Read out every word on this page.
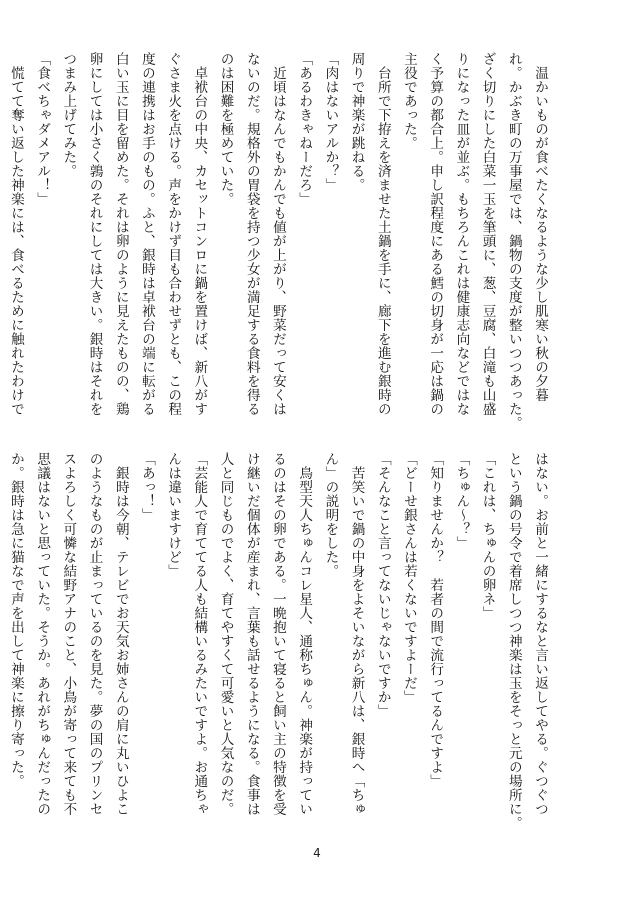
　温かいものが食べたくなるような少し肌寒い秋の夕暮

れ。かぶき町の万事屋では、鍋物の支度が整いつつあった。

ざく切りにした白菜一玉を筆頭に、葱、豆腐、白滝も山盛

りになった皿が並ぶ。もちろんこれは健康志向などではな

く予算の都合上。申し訳程度にある鱈の切身が一応は鍋の

主役であった。

　台所で下拵えを済ませた土鍋を手に、廊下を進む銀時の

周りで神楽が跳ねる。

「肉はないアルか？」

「あるわきゃねーだろ」

　近頃はなんでもかんでも値が上がり、野菜だって安くは

ないのだ。規格外の胃袋を持つ少女が満足する食料を得る

のは困難を極めていた。

　卓袱台の中央、カセットコンロに鍋を置けば、新八がす

ぐさま火を点ける。声をかけず目も合わせずとも、この程

度の連携はお手のもの。ふと、銀時は卓袱台の端に転がる

白い玉に目を留めた。それは卵のように見えたものの、鶏

卵にしては小さく鶉のそれにしては大きい。銀時はそれを

つまみ上げてみた。

「食べちゃダメアル！」

　慌てて奪い返した神楽には、食べるために触れたわけで

はない。お前と一緒にするなと言い返してやる。ぐつぐつ

という鍋の号令で着席しつつ神楽は玉をそっと元の場所に。

「これは、ちゅんの卵ネ」

「ちゅん～？」

「知りませんか？　若者の間で流行ってるんですよ」

「どーせ銀さんは若くないですよーだ」

「そんなこと言ってないじゃないですか」

　苦笑いで鍋の中身をよそいながら新八は、銀時へ「ちゅ

ん」の説明をした。

　鳥型天人ちゅんコレ星人、通称ちゅん。神楽が持ってい

るのはその卵である。一晩抱いて寝ると飼い主の特徴を受

け継いだ個体が産まれ、言葉も話せるようになる。食事は

人と同じものでよく、育てやすくて可愛いと人気なのだ。

「芸能人で育ててる人も結構いるみたいですよ。お通ちゃ

んは違いますけど」

「あっ！」

　銀時は今朝、テレビでお天気お姉さんの肩に丸いひよこ

のようなものが止まっているのを見た。夢の国のプリンセ

スよろしく可憐な結野アナのこと、小鳥が寄って来ても不

思議はないと思っていた。そうか。あれがちゅんだったの

か。銀時は急に猫なで声を出して神楽に擦り寄った。

4
